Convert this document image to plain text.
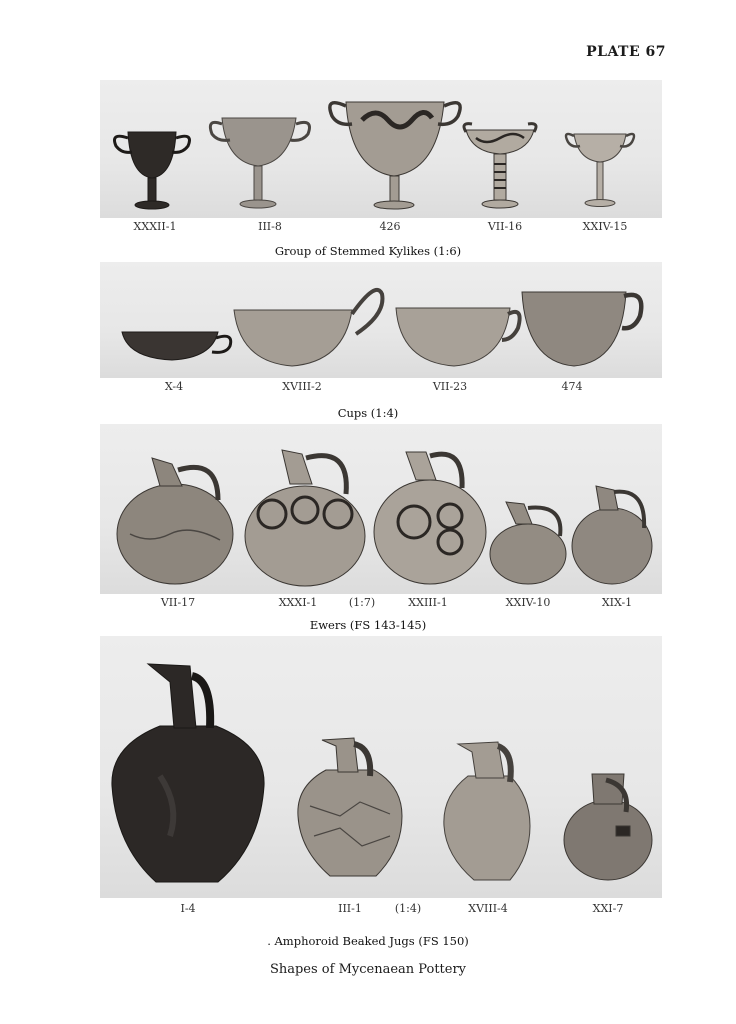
PLATE 67
XXXII-1	III-8	426	VII-16	XXIV-15
Group of Stemmed Kylikes (1:6)
X-4	XVIII-2	VII-23	474
Cups (1:4)
VII-17	XXXI-1	(1:7)	XXIII-1	XXIV-10	XIX-1
Ewers (FS 143-145)
I-4	III-1	(1:4)	XVIII-4	XXI-7
. Amphoroid Beaked Jugs (FS 150)
Shapes of Mycenaean Pottery
